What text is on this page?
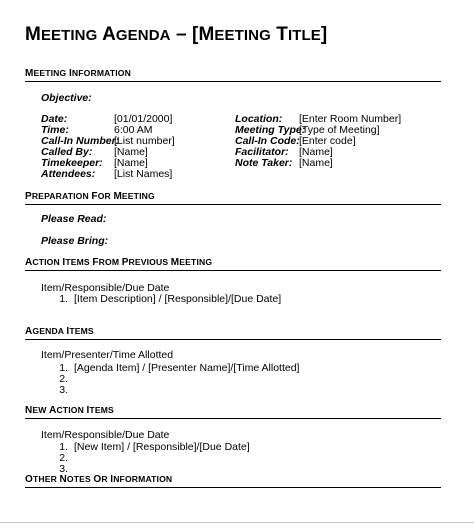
MEETING AGENDA – [MEETING TITLE]
MEETING INFORMATION
Objective:
Date:	[01/01/2000]
Time:	6:00 AM
Call-In Number:
[List number]
Called By: [Name]
Timekeeper: [Name]
Attendees: [List Names]
Location: [Enter Room Number]
Meeting Type:
[Type of Meeting]
Call-In Code: [Enter code]
Facilitator: [Name]
Note Taker: [Name]
PREPARATION FOR MEETING
Please Read:
Please Bring:
ACTION ITEMS FROM PREVIOUS MEETING
Item/Responsible/Due Date
1. [Item Description] / [Responsible]/[Due Date]
AGENDA ITEMS
Item/Presenter/Time Allotted
1. [Agenda Item] / [Presenter Name]/[Time Allotted]
2.
3.
NEW ACTION ITEMS
Item/Responsible/Due Date
1. [New Item] / [Responsible]/[Due Date]
2.
3.
OTHER NOTES OR INFORMATION
